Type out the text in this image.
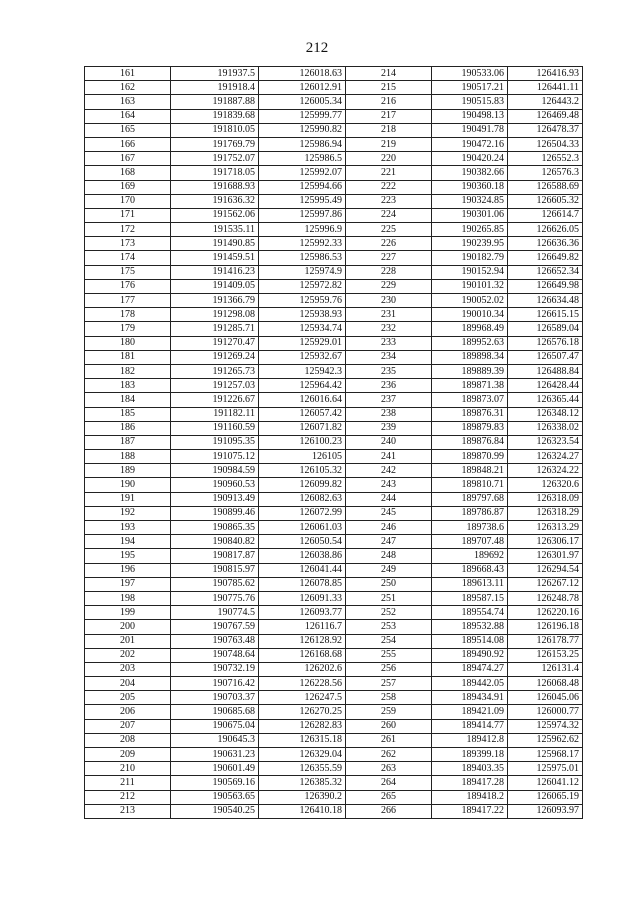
212
161	191937.5	126018.63	214	190533.06	126416.93
162	191918.4	126012.91	215	190517.21	126441.11
163	191887.88	126005.34	216	190515.83	126443.2
164	191839.68	125999.77	217	190498.13	126469.48
165	191810.05	125990.82	218	190491.78	126478.37
166	191769.79	125986.94	219	190472.16	126504.33
167	191752.07	125986.5	220	190420.24	126552.3
168	191718.05	125992.07	221	190382.66	126576.3
169	191688.93	125994.66	222	190360.18	126588.69
170	191636.32	125995.49	223	190324.85	126605.32
171	191562.06	125997.86	224	190301.06	126614.7
172	191535.11	125996.9	225	190265.85	126626.05
173	191490.85	125992.33	226	190239.95	126636.36
174	191459.51	125986.53	227	190182.79	126649.82
175	191416.23	125974.9	228	190152.94	126652.34
176	191409.05	125972.82	229	190101.32	126649.98
177	191366.79	125959.76	230	190052.02	126634.48
178	191298.08	125938.93	231	190010.34	126615.15
179	191285.71	125934.74	232	189968.49	126589.04
180	191270.47	125929.01	233	189952.63	126576.18
181	191269.24	125932.67	234	189898.34	126507.47
182	191265.73	125942.3	235	189889.39	126488.84
183	191257.03	125964.42	236	189871.38	126428.44
184	191226.67	126016.64	237	189873.07	126365.44
185	191182.11	126057.42	238	189876.31	126348.12
186	191160.59	126071.82	239	189879.83	126338.02
187	191095.35	126100.23	240	189876.84	126323.54
188	191075.12	126105	241	189870.99	126324.27
189	190984.59	126105.32	242	189848.21	126324.22
190	190960.53	126099.82	243	189810.71	126320.6
191	190913.49	126082.63	244	189797.68	126318.09
192	190899.46	126072.99	245	189786.87	126318.29
193	190865.35	126061.03	246	189738.6	126313.29
194	190840.82	126050.54	247	189707.48	126306.17
195	190817.87	126038.86	248	189692	126301.97
196	190815.97	126041.44	249	189668.43	126294.54
197	190785.62	126078.85	250	189613.11	126267.12
198	190775.76	126091.33	251	189587.15	126248.78
199	190774.5	126093.77	252	189554.74	126220.16
200	190767.59	126116.7	253	189532.88	126196.18
201	190763.48	126128.92	254	189514.08	126178.77
202	190748.64	126168.68	255	189490.92	126153.25
203	190732.19	126202.6	256	189474.27	126131.4
204	190716.42	126228.56	257	189442.05	126068.48
205	190703.37	126247.5	258	189434.91	126045.06
206	190685.68	126270.25	259	189421.09	126000.77
207	190675.04	126282.83	260	189414.77	125974.32
208	190645.3	126315.18	261	189412.8	125962.62
209	190631.23	126329.04	262	189399.18	125968.17
210	190601.49	126355.59	263	189403.35	125975.01
211	190569.16	126385.32	264	189417.28	126041.12
212	190563.65	126390.2	265	189418.2	126065.19
213	190540.25	126410.18	266	189417.22	126093.97
